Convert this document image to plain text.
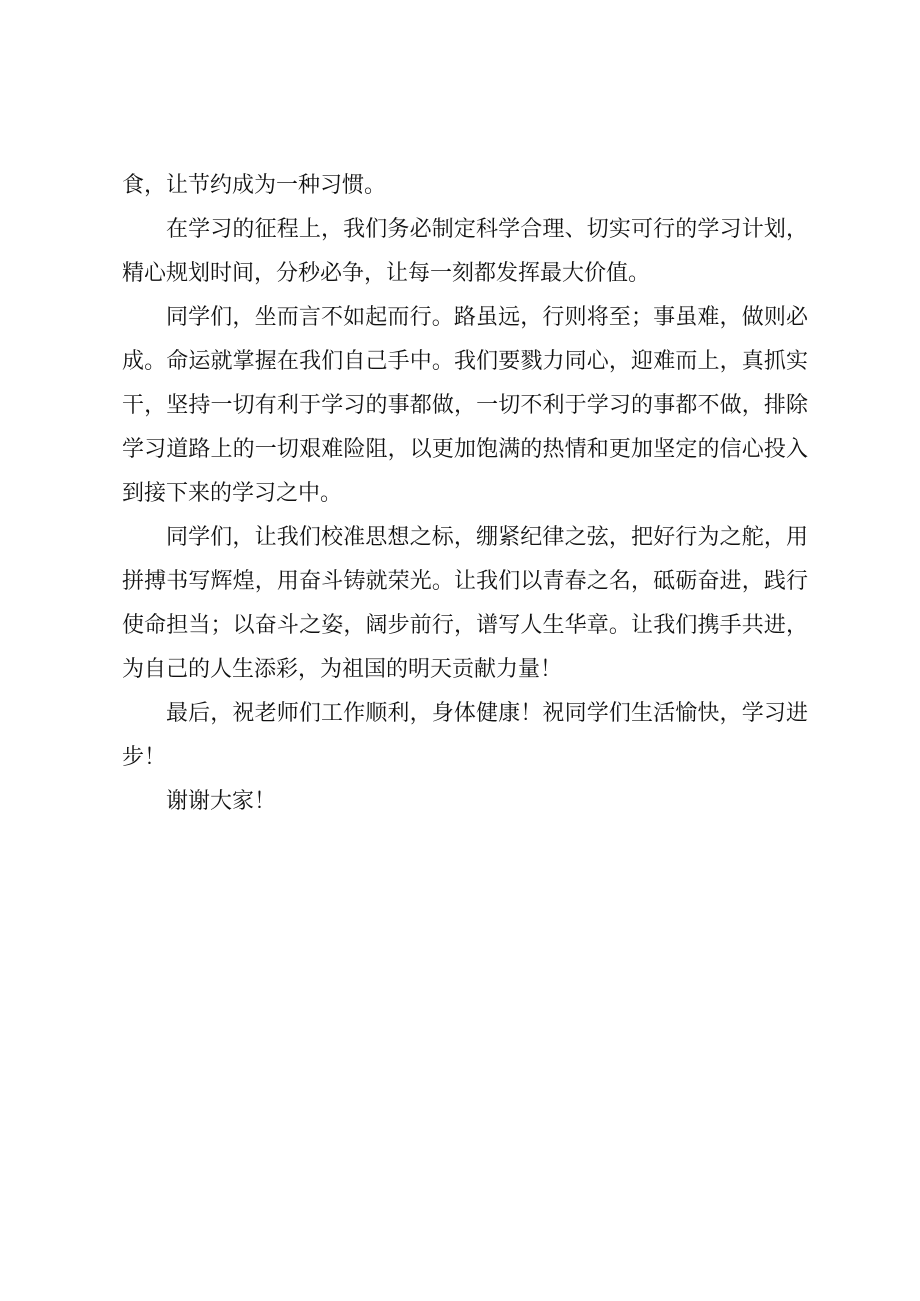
食，让节约成为一种习惯。

在学习的征程上，我们务必制定科学合理、切实可行的学习计划，精心规划时间，分秒必争，让每一刻都发挥最大价值。

同学们，坐而言不如起而行。路虽远，行则将至；事虽难，做则必成。命运就掌握在我们自己手中。我们要戮力同心，迎难而上，真抓实干，坚持一切有利于学习的事都做，一切不利于学习的事都不做，排除学习道路上的一切艰难险阻，以更加饱满的热情和更加坚定的信心投入到接下来的学习之中。

同学们，让我们校准思想之标，绷紧纪律之弦，把好行为之舵，用拼搏书写辉煌，用奋斗铸就荣光。让我们以青春之名，砥砺奋进，践行使命担当；以奋斗之姿，阔步前行，谱写人生华章。让我们携手共进，为自己的人生添彩，为祖国的明天贡献力量！

最后，祝老师们工作顺利，身体健康！祝同学们生活愉快，学习进步！

谢谢大家！
